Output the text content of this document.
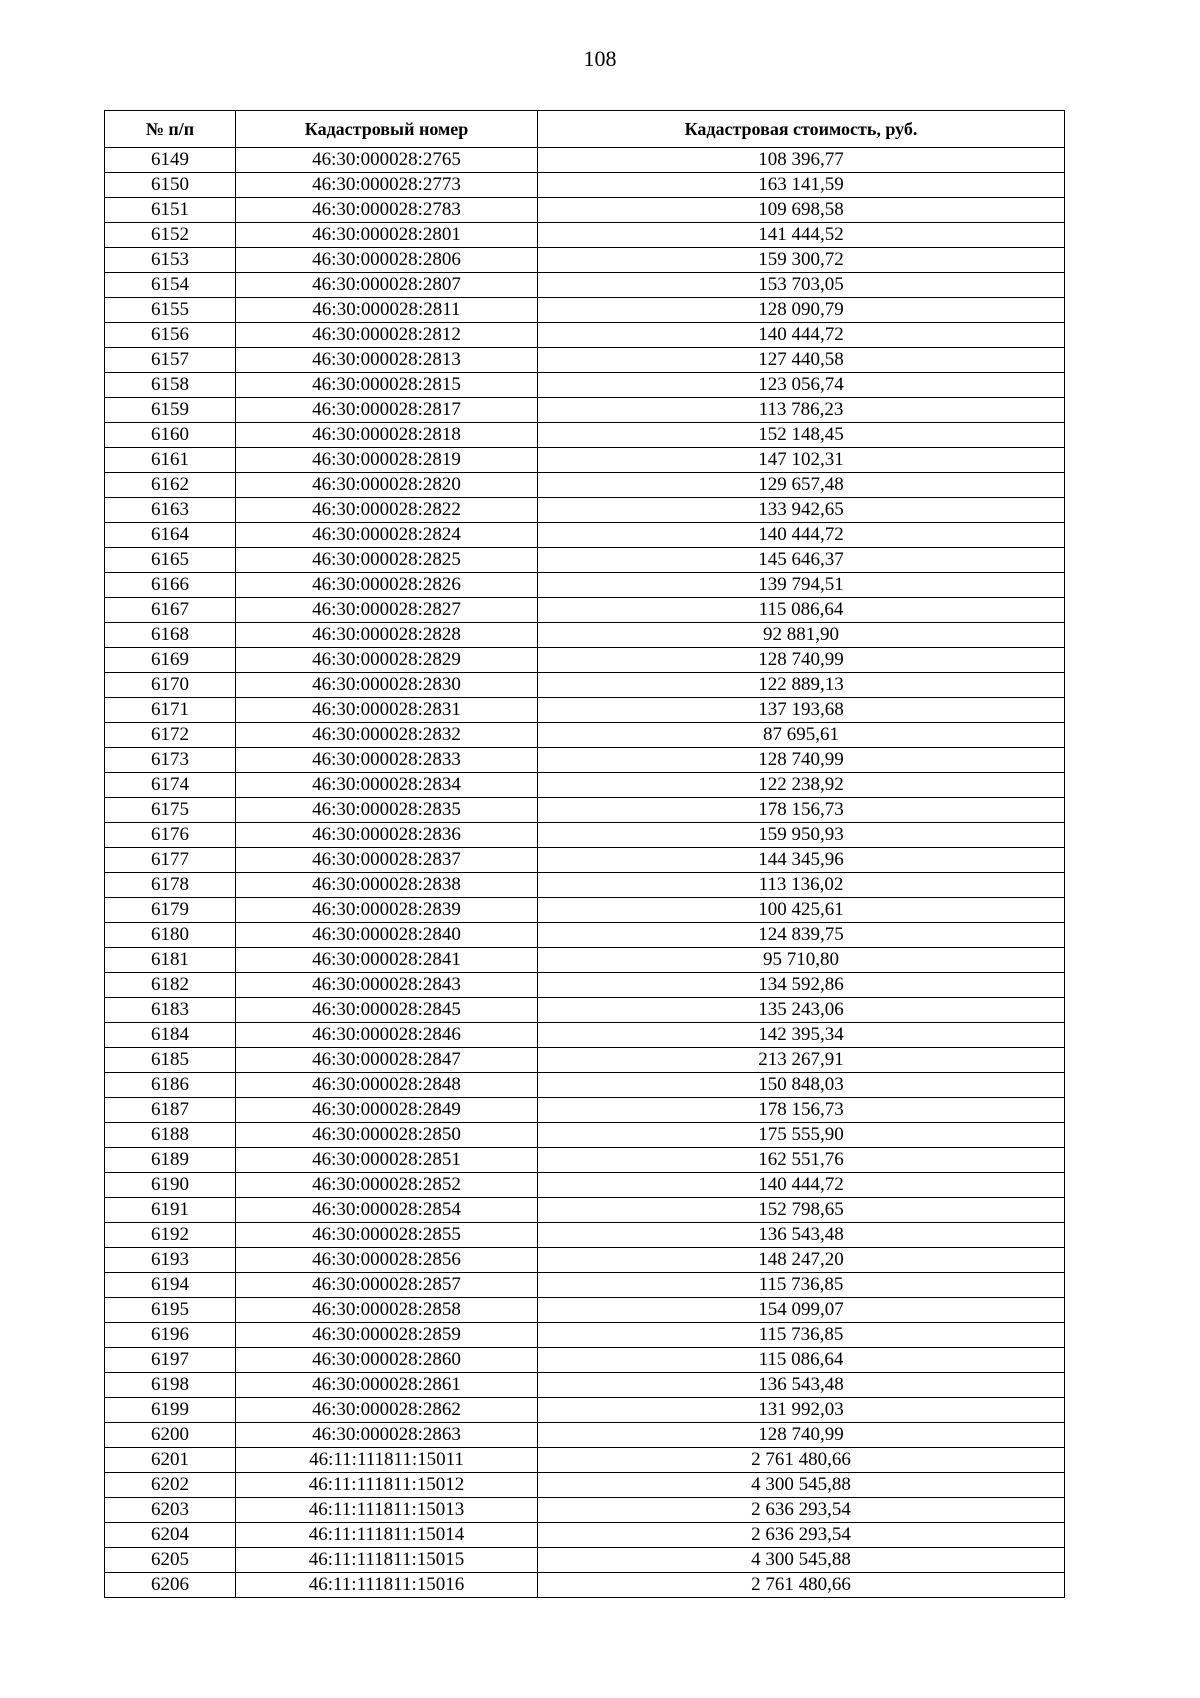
108
№ п/п	Кадастровый номер	Кадастровая стоимость, руб.
6149	46:30:000028:2765	108 396,77
6150	46:30:000028:2773	163 141,59
6151	46:30:000028:2783	109 698,58
6152	46:30:000028:2801	141 444,52
6153	46:30:000028:2806	159 300,72
6154	46:30:000028:2807	153 703,05
6155	46:30:000028:2811	128 090,79
6156	46:30:000028:2812	140 444,72
6157	46:30:000028:2813	127 440,58
6158	46:30:000028:2815	123 056,74
6159	46:30:000028:2817	113 786,23
6160	46:30:000028:2818	152 148,45
6161	46:30:000028:2819	147 102,31
6162	46:30:000028:2820	129 657,48
6163	46:30:000028:2822	133 942,65
6164	46:30:000028:2824	140 444,72
6165	46:30:000028:2825	145 646,37
6166	46:30:000028:2826	139 794,51
6167	46:30:000028:2827	115 086,64
6168	46:30:000028:2828	92 881,90
6169	46:30:000028:2829	128 740,99
6170	46:30:000028:2830	122 889,13
6171	46:30:000028:2831	137 193,68
6172	46:30:000028:2832	87 695,61
6173	46:30:000028:2833	128 740,99
6174	46:30:000028:2834	122 238,92
6175	46:30:000028:2835	178 156,73
6176	46:30:000028:2836	159 950,93
6177	46:30:000028:2837	144 345,96
6178	46:30:000028:2838	113 136,02
6179	46:30:000028:2839	100 425,61
6180	46:30:000028:2840	124 839,75
6181	46:30:000028:2841	95 710,80
6182	46:30:000028:2843	134 592,86
6183	46:30:000028:2845	135 243,06
6184	46:30:000028:2846	142 395,34
6185	46:30:000028:2847	213 267,91
6186	46:30:000028:2848	150 848,03
6187	46:30:000028:2849	178 156,73
6188	46:30:000028:2850	175 555,90
6189	46:30:000028:2851	162 551,76
6190	46:30:000028:2852	140 444,72
6191	46:30:000028:2854	152 798,65
6192	46:30:000028:2855	136 543,48
6193	46:30:000028:2856	148 247,20
6194	46:30:000028:2857	115 736,85
6195	46:30:000028:2858	154 099,07
6196	46:30:000028:2859	115 736,85
6197	46:30:000028:2860	115 086,64
6198	46:30:000028:2861	136 543,48
6199	46:30:000028:2862	131 992,03
6200	46:30:000028:2863	128 740,99
6201	46:11:111811:15011	2 761 480,66
6202	46:11:111811:15012	4 300 545,88
6203	46:11:111811:15013	2 636 293,54
6204	46:11:111811:15014	2 636 293,54
6205	46:11:111811:15015	4 300 545,88
6206	46:11:111811:15016	2 761 480,66
